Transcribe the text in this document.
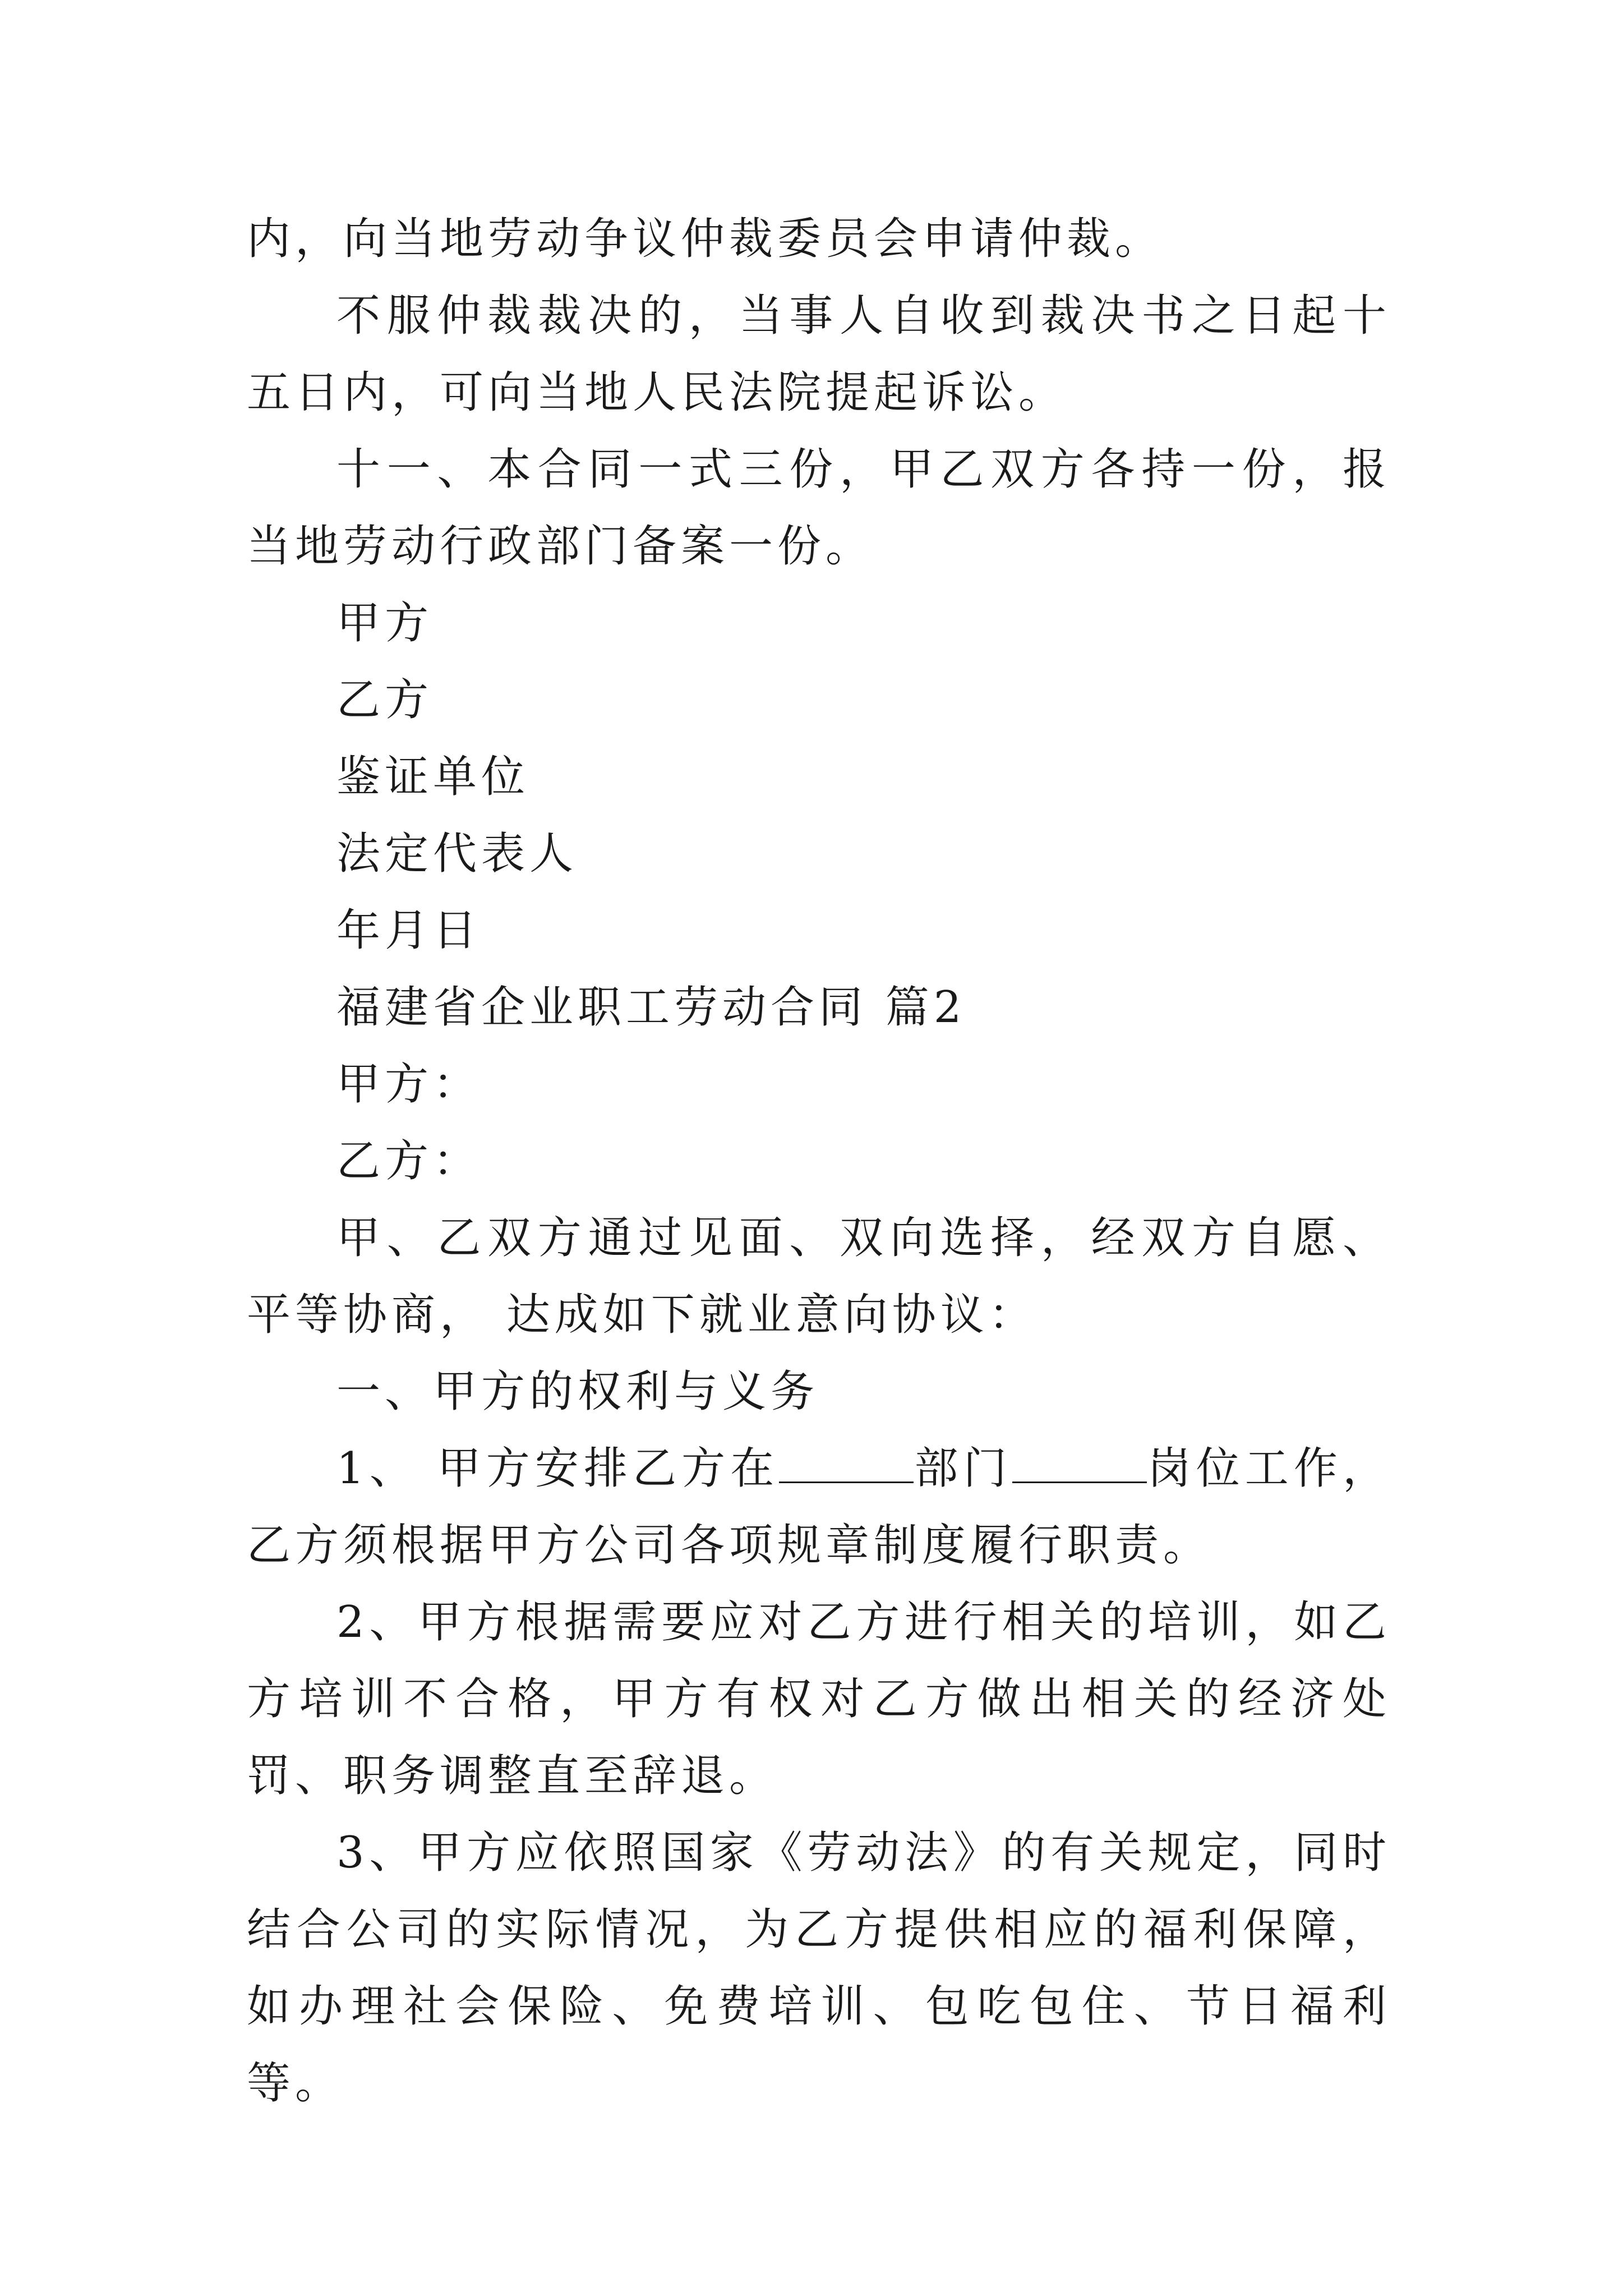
内，向当地劳动争议仲裁委员会申请仲裁。

不服仲裁裁决的，当事人自收到裁决书之日起十五日内，可向当地人民法院提起诉讼。

十一、本合同一式三份，甲乙双方各持一份，报当地劳动行政部门备案一份。

甲方

乙方

鉴证单位

法定代表人

年月日

福建省企业职工劳动合同 篇2

甲方：

乙方：

甲、乙双方通过见面、双向选择，经双方自愿、平等协商， 达成如下就业意向协议：

一、甲方的权利与义务

1、 甲方安排乙方在	部门	岗位工作，乙方须根据甲方公司各项规章制度履行职责。

2、甲方根据需要应对乙方进行相关的培训，如乙方培训不合格，甲方有权对乙方做出相关的经济处罚、职务调整直至辞退。

3、甲方应依照国家《劳动法》的有关规定，同时结合公司的实际情况，为乙方提供相应的福利保障，如办理社会保险、免费培训、包吃包住、节日福利等。
